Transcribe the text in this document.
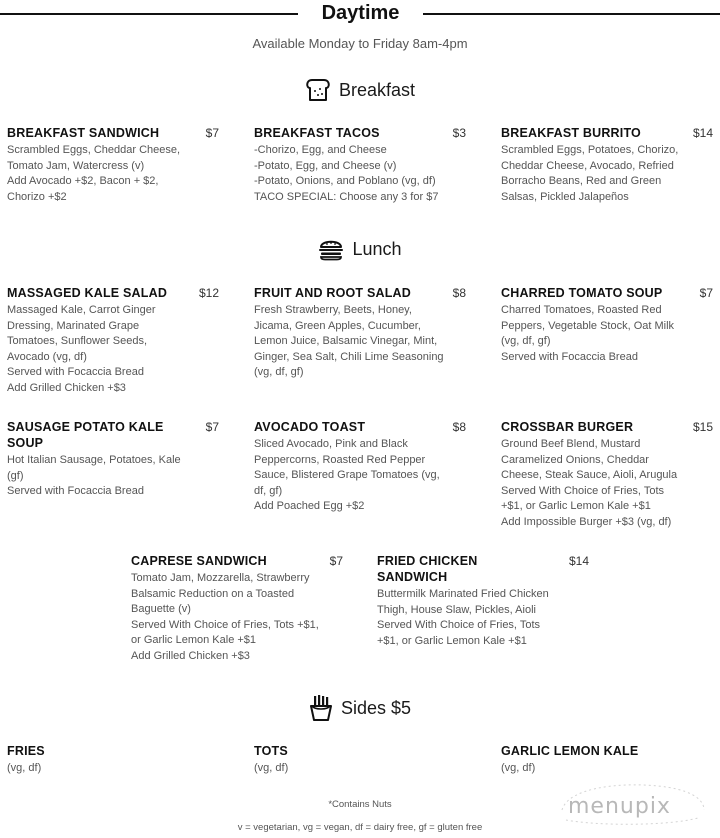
Daytime
Available Monday to Friday 8am-4pm
Breakfast
BREAKFAST SANDWICH	$7
Scrambled Eggs, Cheddar Cheese,
Tomato Jam, Watercress (v)
Add Avocado +$2, Bacon + $2,
Chorizo +$2
BREAKFAST TACOS	$3
-Chorizo, Egg, and Cheese
-Potato, Egg, and Cheese (v)
-Potato, Onions, and Poblano (vg, df)
TACO SPECIAL: Choose any 3 for $7
BREAKFAST BURRITO	$14
Scrambled Eggs, Potatoes, Chorizo,
Cheddar Cheese, Avocado, Refried
Borracho Beans, Red and Green
Salsas, Pickled Jalapeños
Lunch
MASSAGED KALE SALAD	$12
Massaged Kale, Carrot Ginger
Dressing, Marinated Grape
Tomatoes, Sunflower Seeds,
Avocado (vg, df)
Served with Focaccia Bread
Add Grilled Chicken +$3
FRUIT AND ROOT SALAD	$8
Fresh Strawberry, Beets, Honey,
Jicama, Green Apples, Cucumber,
Lemon Juice, Balsamic Vinegar, Mint,
Ginger, Sea Salt, Chili Lime Seasoning
(vg, df, gf)
CHARRED TOMATO SOUP	$7
Charred Tomatoes, Roasted Red
Peppers, Vegetable Stock, Oat Milk
(vg, df, gf)
Served with Focaccia Bread
SAUSAGE POTATO KALE SOUP
$7
Hot Italian Sausage, Potatoes, Kale
(gf)
Served with Focaccia Bread
AVOCADO TOAST	$8
Sliced Avocado, Pink and Black
Peppercorns, Roasted Red Pepper
Sauce, Blistered Grape Tomatoes (vg,
df, gf)
Add Poached Egg +$2
CROSSBAR BURGER	$15
Ground Beef Blend, Mustard
Caramelized Onions, Cheddar
Cheese, Steak Sauce, Aioli, Arugula
Served With Choice of Fries, Tots
+$1, or Garlic Lemon Kale +$1
Add Impossible Burger +$3 (vg, df)
CAPRESE SANDWICH	$7
Tomato Jam, Mozzarella, Strawberry
Balsamic Reduction on a Toasted
Baguette (v)
Served With Choice of Fries, Tots +$1,
or Garlic Lemon Kale +$1
Add Grilled Chicken +$3
FRIED CHICKEN SANDWICH
$14
Buttermilk Marinated Fried Chicken
Thigh, House Slaw, Pickles, Aioli
Served With Choice of Fries, Tots
+$1, or Garlic Lemon Kale +$1
Sides $5
FRIES
(vg, df)
TOTS
(vg, df)
GARLIC LEMON KALE
(vg, df)
*Contains Nuts
v = vegetarian, vg = vegan, df = dairy free, gf = gluten free
menupix
